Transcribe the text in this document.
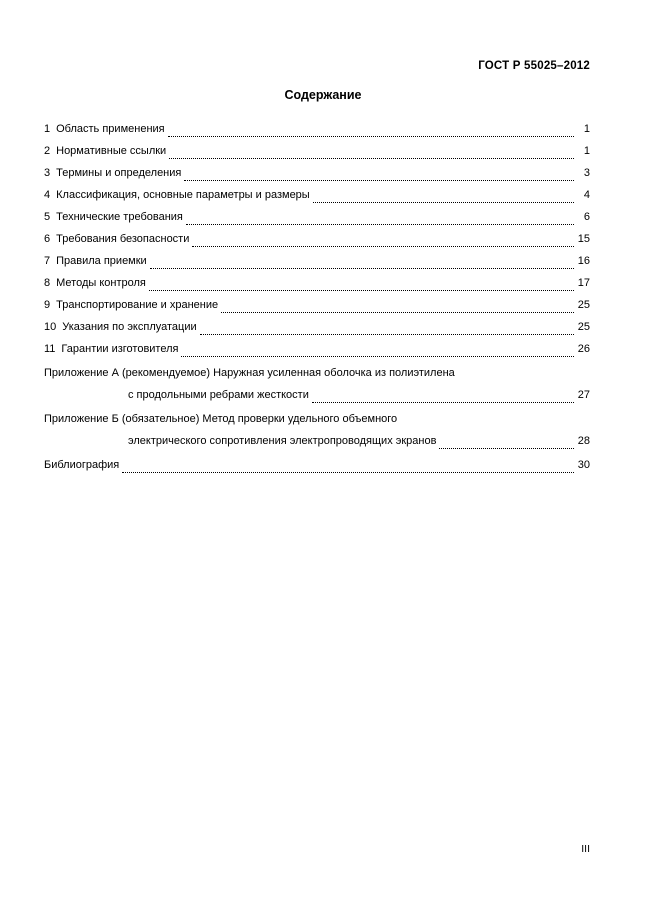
ГОСТ Р 55025–2012
Содержание
1 Область применения	1
2 Нормативные ссылки	1
3 Термины и определения	3
4 Классификация, основные параметры и размеры	4
5 Технические требования	6
6 Требования безопасности	15
7 Правила приемки	16
8 Методы контроля	17
9 Транспортирование и хранение	25
10 Указания по эксплуатации	25
11 Гарантии изготовителя	26
Приложение А (рекомендуемое) Наружная усиленная оболочка из полиэтилена
с продольными ребрами жесткости	27
Приложение Б (обязательное) Метод проверки удельного объемного
электрического сопротивления электропроводящих экранов	28
Библиография	30
III
